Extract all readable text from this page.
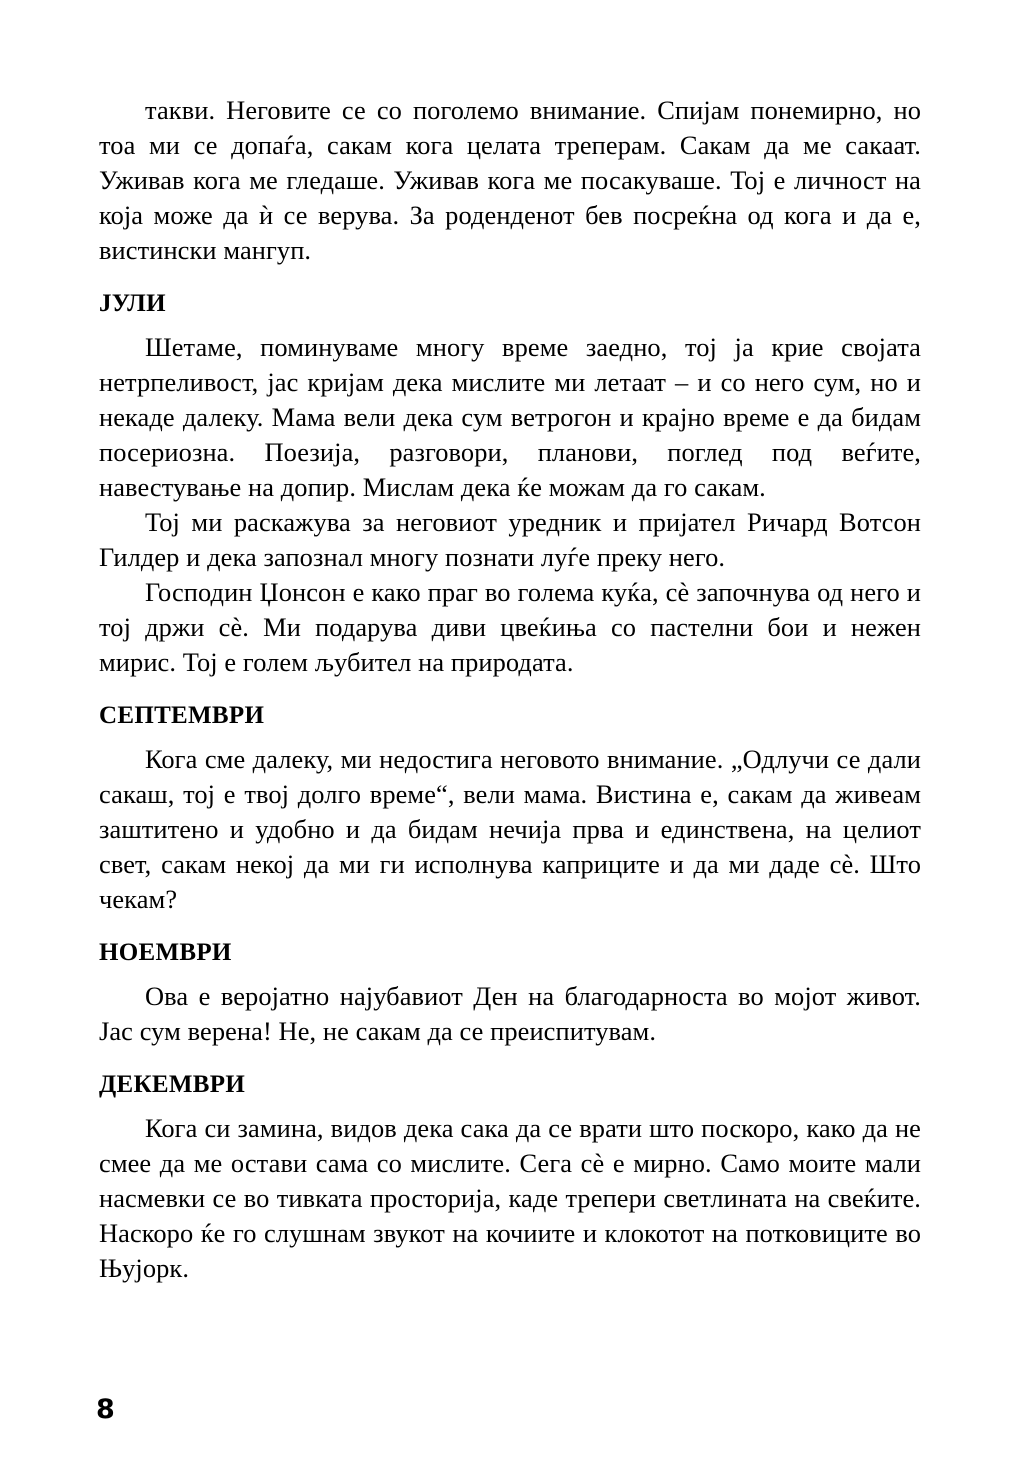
такви. Неговите се со поголемо внимание. Спијам понемирно, но тоа ми се допаѓа, сакам кога целата треперам. Сакам да ме сакаат. Уживав кога ме гледаше. Уживав кога ме посакуваше. Тој е личност на која може да ѝ се верува. За роденденот бев посреќна од кога и да е, вистински мангуп.

ЈУЛИ

Шетаме, поминуваме многу време заедно, тој ја крие својата нетрпеливост, јас кријам дека мислите ми летаат – и со него сум, но и некаде далеку. Мама вели дека сум ветрогон и крајно време е да бидам посериозна. Поезија, разговори, планови, поглед под веѓите, навестување на допир. Мислам дека ќе можам да го сакам.

Тој ми раскажува за неговиот уредник и пријател Ричард Вотсон Гилдер и дека запознал многу познати луѓе преку него.

Господин Џонсон е како праг во голема куќа, сѐ започнува од него и тој држи сѐ. Ми подарува диви цвеќиња со пастелни бои и нежен мирис. Тој е голем љубител на природата.

СЕПТЕМВРИ

Кога сме далеку, ми недостига неговото внимание. „Одлучи се дали сакаш, тој е твој долго време“, вели мама. Вистина е, сакам да живеам заштитено и удобно и да бидам нечија прва и единствена, на целиот свет, сакам некој да ми ги исполнува каприците и да ми даде сѐ. Што чекам?

НОЕМВРИ

Ова е веројатно најубавиот Ден на благодарноста во мојот живот. Јас сум верена! Не, не сакам да се преиспитувам.

ДЕКЕМВРИ

Кога си замина, видов дека сака да се врати што поскоро, како да не смее да ме остави сама со мислите. Сега сѐ е мирно. Само моите мали насмевки се во тивката просторија, каде трепери светлината на свеќите. Наскоро ќе го слушнам звукот на кочиите и клокотот на потковиците во Њујорк.

8
